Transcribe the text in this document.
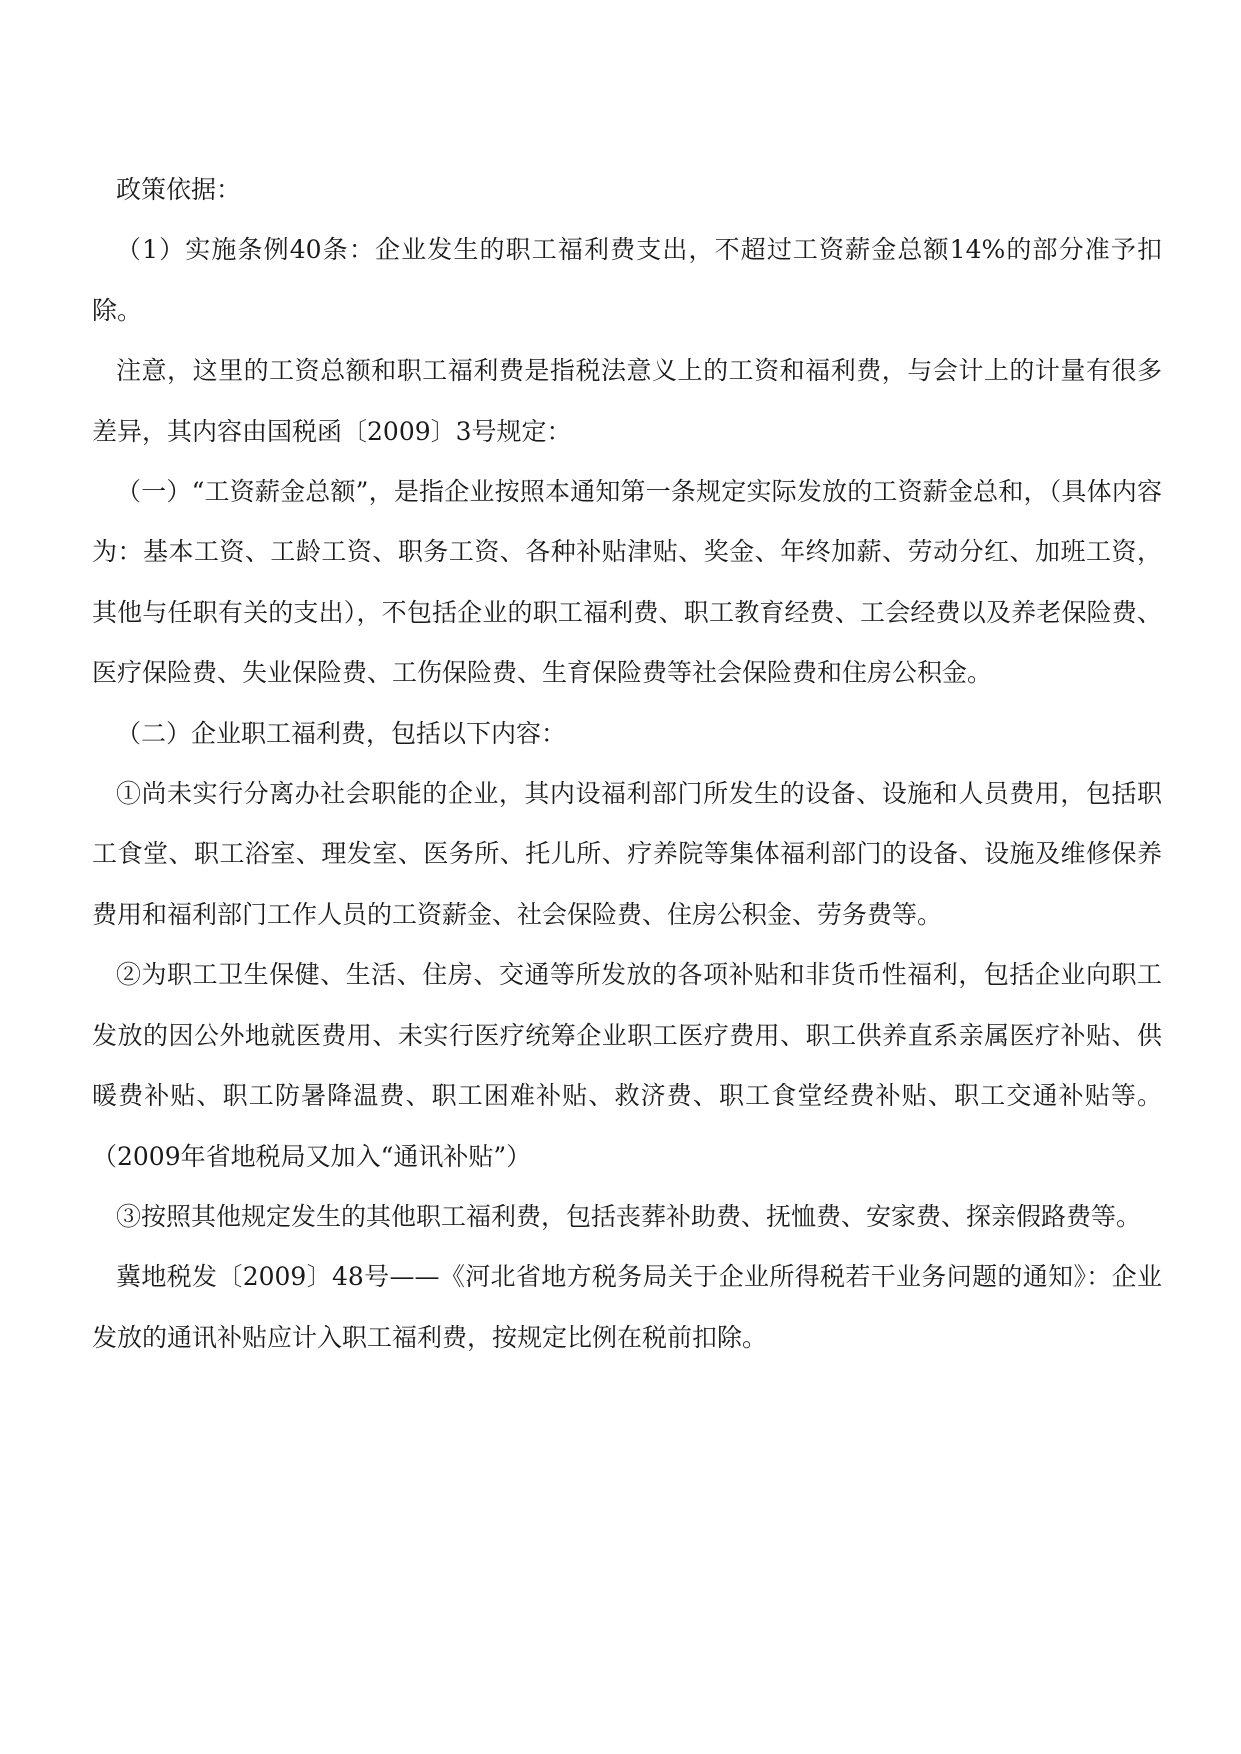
政策依据：

（1）实施条例40条：企业发生的职工福利费支出，不超过工资薪金总额14%的部分准予扣除。

注意，这里的工资总额和职工福利费是指税法意义上的工资和福利费，与会计上的计量有很多差异，其内容由国税函〔2009〕3号规定：

（一）“工资薪金总额”，是指企业按照本通知第一条规定实际发放的工资薪金总和，（具体内容为：基本工资、工龄工资、职务工资、各种补贴津贴、奖金、年终加薪、劳动分红、加班工资，其他与任职有关的支出），不包括企业的职工福利费、职工教育经费、工会经费以及养老保险费、医疗保险费、失业保险费、工伤保险费、生育保险费等社会保险费和住房公积金。

（二）企业职工福利费，包括以下内容：

①尚未实行分离办社会职能的企业，其内设福利部门所发生的设备、设施和人员费用，包括职工食堂、职工浴室、理发室、医务所、托儿所、疗养院等集体福利部门的设备、设施及维修保养费用和福利部门工作人员的工资薪金、社会保险费、住房公积金、劳务费等。

②为职工卫生保健、生活、住房、交通等所发放的各项补贴和非货币性福利，包括企业向职工发放的因公外地就医费用、未实行医疗统筹企业职工医疗费用、职工供养直系亲属医疗补贴、供暖费补贴、职工防暑降温费、职工困难补贴、救济费、职工食堂经费补贴、职工交通补贴等。（2009年省地税局又加入“通讯补贴”）

③按照其他规定发生的其他职工福利费，包括丧葬补助费、抚恤费、安家费、探亲假路费等。

冀地税发〔2009〕48号——《河北省地方税务局关于企业所得税若干业务问题的通知》：企业发放的通讯补贴应计入职工福利费，按规定比例在税前扣除。
